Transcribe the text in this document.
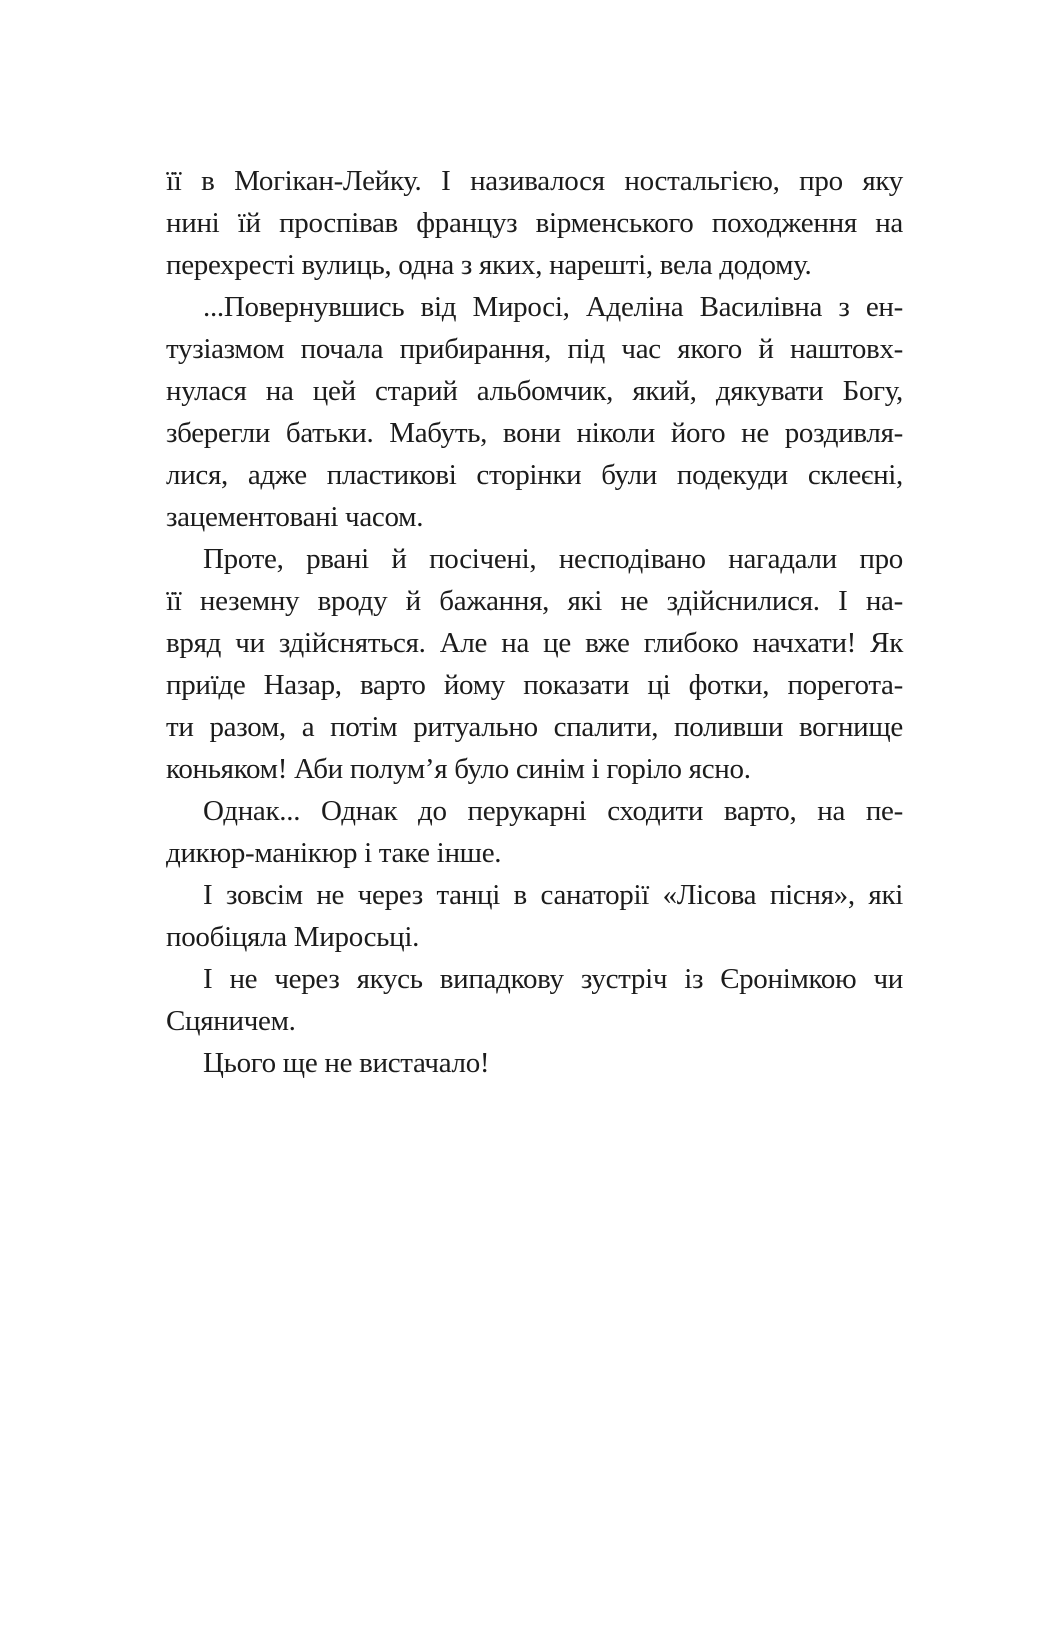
її в Могікан-Лейку. І називалося ностальгією, про яку
нині їй проспівав француз вірменського походження на
перехресті вулиць, одна з яких, нарешті, вела додому.
...Повернувшись від Миросі, Аделіна Василівна з ен-
тузіазмом почала прибирання, під час якого й наштовх-
нулася на цей старий альбомчик, який, дякувати Богу,
зберегли батьки. Мабуть, вони ніколи його не роздивля-
лися, адже пластикові сторінки були подекуди склеєні,
зацементовані часом.
Проте, рвані й посічені, несподівано нагадали про
її неземну вроду й бажання, які не здійснилися. І на-
вряд чи здійсняться. Але на це вже глибоко начхати! Як
приїде Назар, варто йому показати ці фотки, порегота-
ти разом, а потім ритуально спалити, поливши вогнище
коньяком! Аби полум’я було синім і горіло ясно.
Однак... Однак до перукарні сходити варто, на пе-
дикюр-манікюр і таке інше.
І зовсім не через танці в санаторії «Лісова пісня», які
пообіцяла Миросьці.
І не через якусь випадкову зустріч із Єронімкою чи
Сцяничем.
Цього ще не вистачало!
